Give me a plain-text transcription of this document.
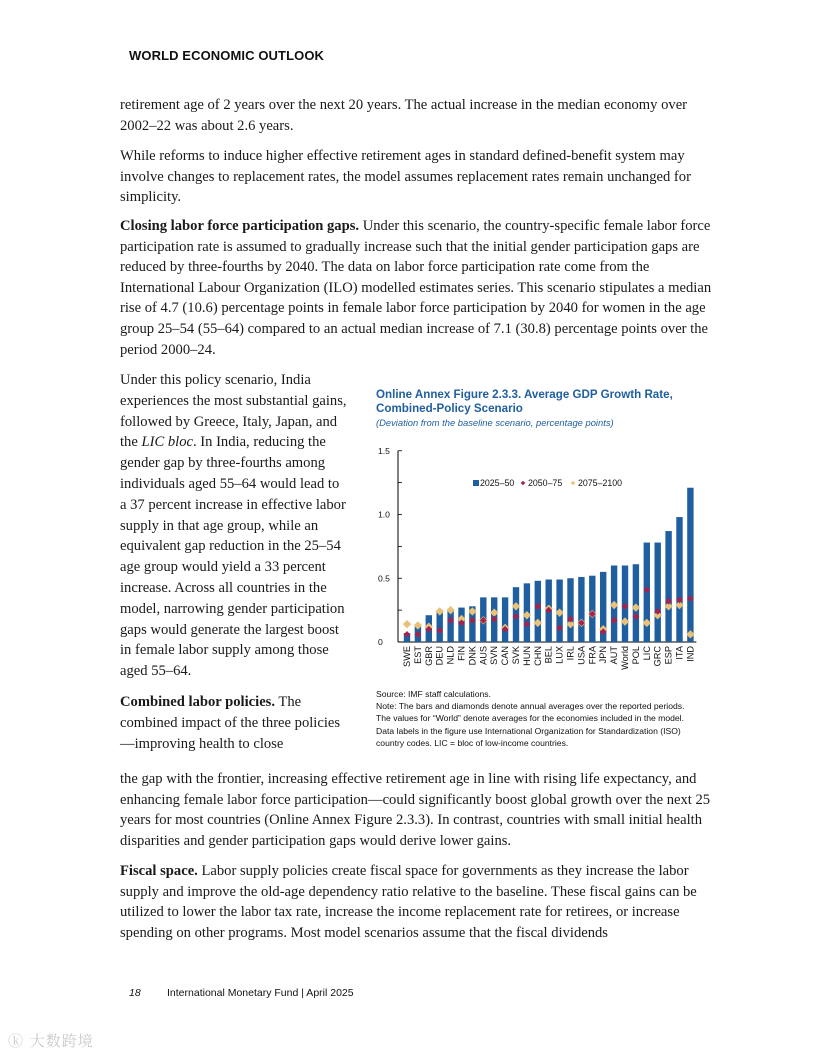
WORLD ECONOMIC OUTLOOK

retirement age of 2 years over the next 20 years. The actual increase in the median economy over 2002–22 was about 2.6 years.

While reforms to induce higher effective retirement ages in standard defined-benefit system may involve changes to replacement rates, the model assumes replacement rates remain unchanged for simplicity.

Closing labor force participation gaps. Under this scenario, the country-specific female labor force participation rate is assumed to gradually increase such that the initial gender participation gaps are reduced by three-fourths by 2040. The data on labor force participation rate come from the International Labour Organization (ILO) modelled estimates series. This scenario stipulates a median rise of 4.7 (10.6) percentage points in female labor force participation by 2040 for women in the age group 25–54 (55–64) compared to an actual median increase of 7.1 (30.8) percentage points over the period 2000–24.

Under this policy scenario, India experiences the most substantial gains, followed by Greece, Italy, Japan, and the LIC bloc. In India, reducing the gender gap by three-fourths among individuals aged 55–64 would lead to a 37 percent increase in effective labor supply in that age group, while an equivalent gap reduction in the 25–54 age group would yield a 33 percent increase. Across all countries in the model, narrowing gender participation gaps would generate the largest boost in female labor supply among those aged 55–64.

Combined labor policies. The combined impact of the three policies—improving health to close

the gap with the frontier, increasing effective retirement age in line with rising life expectancy, and enhancing female labor force participation—could significantly boost global growth over the next 25 years for most countries (Online Annex Figure 2.3.3). In contrast, countries with small initial health disparities and gender participation gaps would derive lower gains.

Fiscal space. Labor supply policies create fiscal space for governments as they increase the labor supply and improve the old-age dependency ratio relative to the baseline. These fiscal gains can be utilized to lower the labor tax rate, increase the income replacement rate for retirees, or increase spending on other programs. Most model scenarios assume that the fiscal dividends

Online Annex Figure 2.3.3. Average GDP Growth Rate,
Combined-Policy Scenario
(Deviation from the baseline scenario, percentage points)
0
0.5
1.0
1.5
SWE EST GBR DEU NLD FIN DNK AUS SVN CAN SVK HUN CHN BEL LUX IRL USA FRA JPN AUT World POL LIC GRC ESP ITA IND
2025–50 2050–75 2075–2100
Source: IMF staff calculations.
Note: The bars and diamonds denote annual averages over the reported periods.
The values for “World” denote averages for the economies included in the model.
Data labels in the figure use International Organization for Standardization (ISO)
country codes. LIC = bloc of low-income countries.
18	International Monetary Fund | April 2025
ⓚ 大数跨境
